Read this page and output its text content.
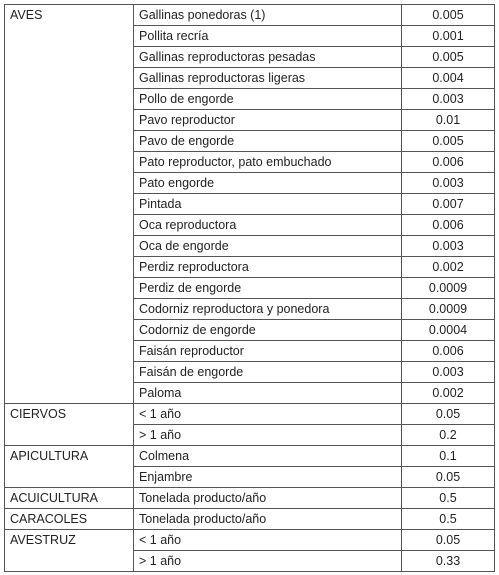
AVES	Gallinas ponedoras (1)	0.005
	Pollita recría	0.001
	Gallinas reproductoras pesadas	0.005
	Gallinas reproductoras ligeras	0.004
	Pollo de engorde	0.003
	Pavo reproductor	0.01
	Pavo de engorde	0.005
	Pato reproductor, pato embuchado	0.006
	Pato engorde	0.003
	Pintada	0.007
	Oca reproductora	0.006
	Oca de engorde	0.003
	Perdiz reproductora	0.002
	Perdiz de engorde	0.0009
	Codorniz reproductora y ponedora	0.0009
	Codorniz de engorde	0.0004
	Faisán reproductor	0.006
	Faisán de engorde	0.003
	Paloma	0.002
CIERVOS	< 1 año	0.05
	> 1 año	0.2
APICULTURA	Colmena	0.1
	Enjambre	0.05
ACUICULTURA	Tonelada producto/año	0.5
CARACOLES	Tonelada producto/año	0.5
AVESTRUZ	< 1 año	0.05
	> 1 año	0.33
